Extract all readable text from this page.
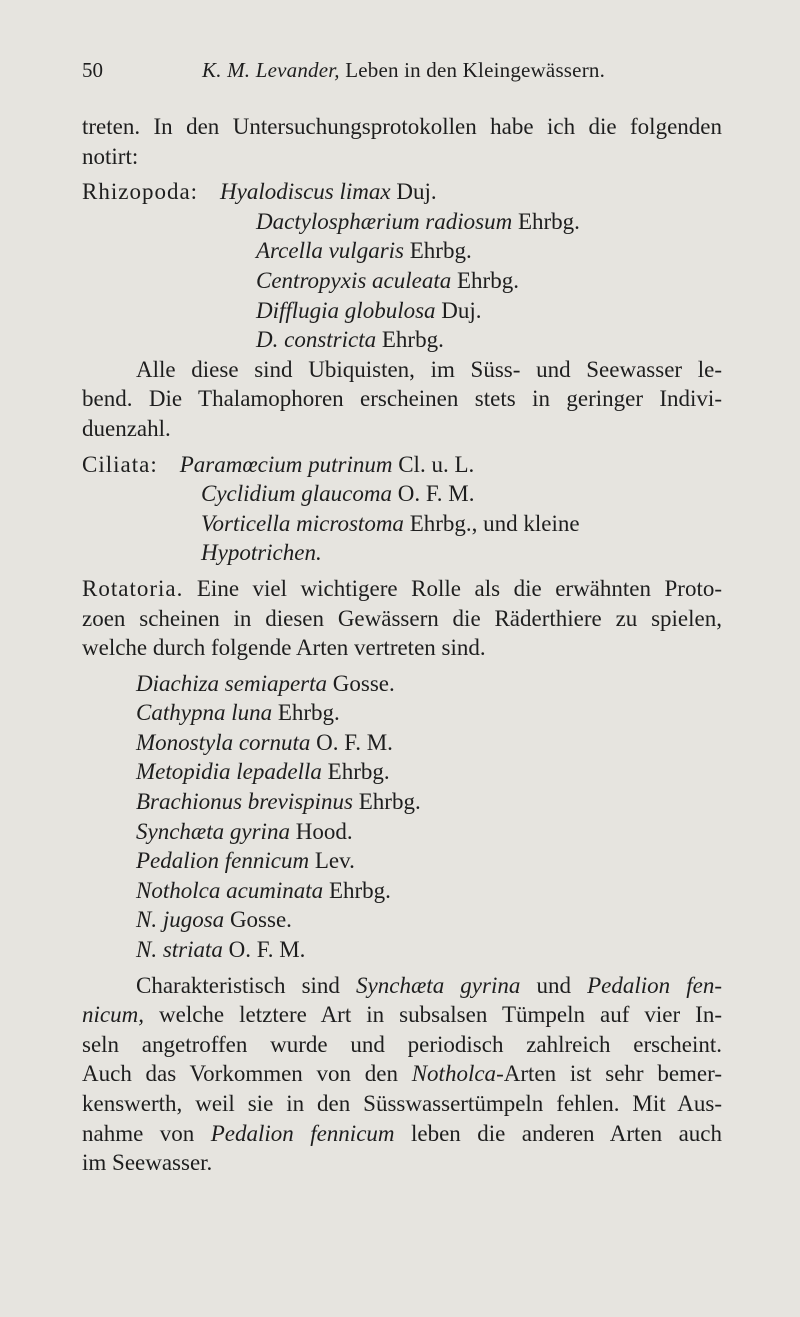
50	K. M. Levander, Leben in den Kleingewässern.
treten. In den Untersuchungsprotokollen habe ich die folgenden
notirt:
Rhizopoda: Hyalodiscus limax Duj.
Dactylosphærium radiosum Ehrbg.
Arcella vulgaris Ehrbg.
Centropyxis aculeata Ehrbg.
Difflugia globulosa Duj.
D. constricta Ehrbg.
Alle diese sind Ubiquisten, im Süss- und Seewasser le-
bend. Die Thalamophoren erscheinen stets in geringer Indivi-
duenzahl.
Ciliata: Paramœcium putrinum Cl. u. L.
Cyclidium glaucoma O. F. M.
Vorticella microstoma Ehrbg., und kleine
Hypotrichen.
Rotatoria. Eine viel wichtigere Rolle als die erwähnten Proto-
zoen scheinen in diesen Gewässern die Räderthiere zu spielen,
welche durch folgende Arten vertreten sind.
Diachiza semiaperta Gosse.
Cathypna luna Ehrbg.
Monostyla cornuta O. F. M.
Metopidia lepadella Ehrbg.
Brachionus brevispinus Ehrbg.
Synchæta gyrina Hood.
Pedalion fennicum Lev.
Notholca acuminata Ehrbg.
N. jugosa Gosse.
N. striata O. F. M.
Charakteristisch sind Synchæta gyrina und Pedalion fen-
nicum, welche letztere Art in subsalsen Tümpeln auf vier In-
seln angetroffen wurde und periodisch zahlreich erscheint.
Auch das Vorkommen von den Notholca-Arten ist sehr bemer-
kenswerth, weil sie in den Süsswassertümpeln fehlen. Mit Aus-
nahme von Pedalion fennicum leben die anderen Arten auch
im Seewasser.
